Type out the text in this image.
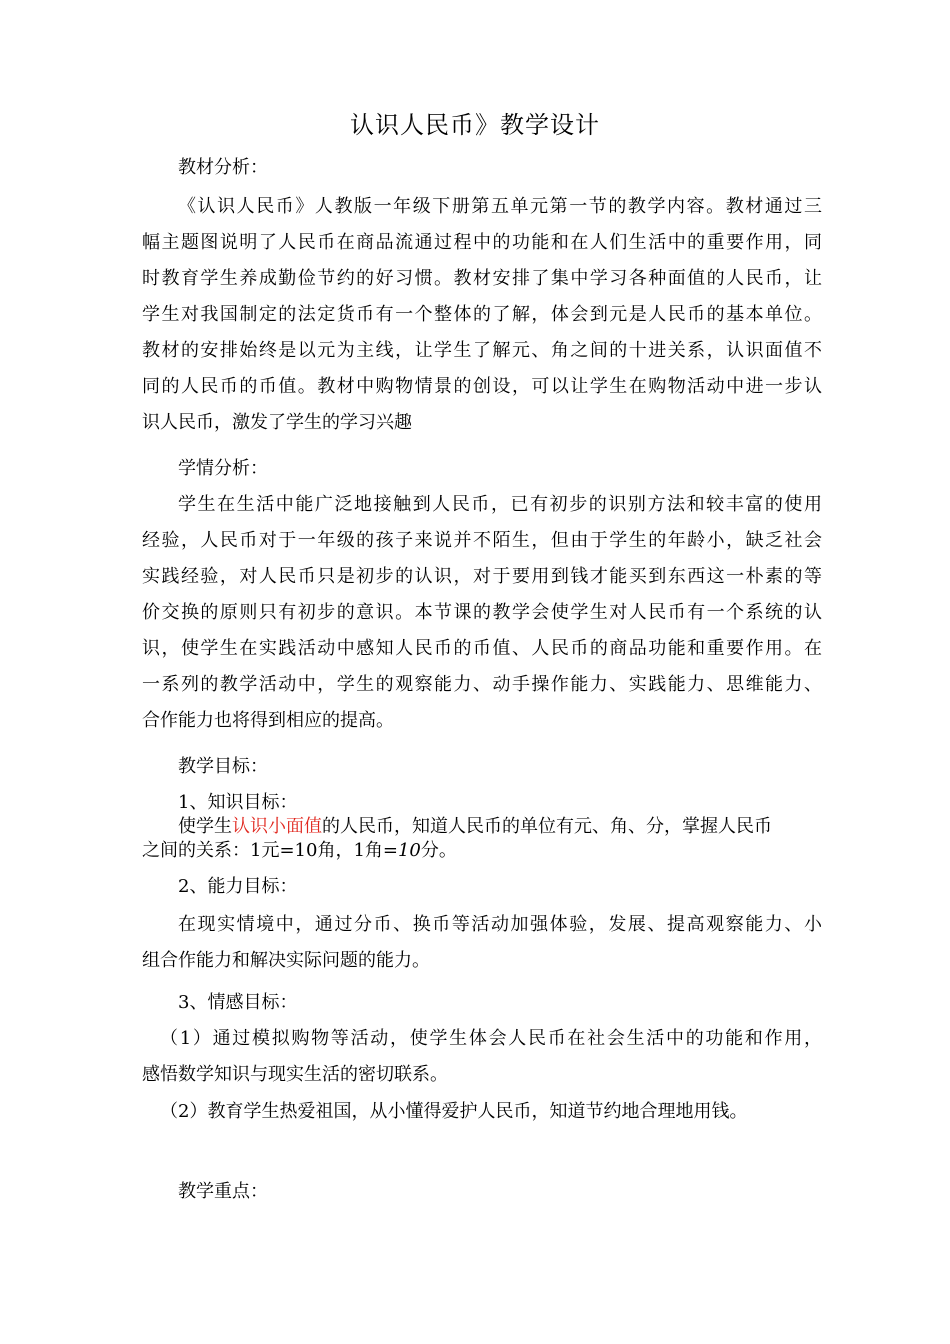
认识人民币》教学设计
教材分析：
《认识人民币》人教版一年级下册第五单元第一节的教学内容。教材通过三
幅主题图说明了人民币在商品流通过程中的功能和在人们生活中的重要作用，同
时教育学生养成勤俭节约的好习惯。教材安排了集中学习各种面值的人民币，让
学生对我国制定的法定货币有一个整体的了解，体会到元是人民币的基本单位。
教材的安排始终是以元为主线，让学生了解元、角之间的十进关系，认识面值不
同的人民币的币值。教材中购物情景的创设，可以让学生在购物活动中进一步认
识人民币，激发了学生的学习兴趣
学情分析：
学生在生活中能广泛地接触到人民币，已有初步的识别方法和较丰富的使用
经验，人民币对于一年级的孩子来说并不陌生，但由于学生的年龄小，缺乏社会
实践经验，对人民币只是初步的认识，对于要用到钱才能买到东西这一朴素的等
价交换的原则只有初步的意识。本节课的教学会使学生对人民币有一个系统的认
识，使学生在实践活动中感知人民币的币值、人民币的商品功能和重要作用。在
一系列的教学活动中，学生的观察能力、动手操作能力、实践能力、思维能力、
合作能力也将得到相应的提高。
教学目标：
1、知识目标：
使学生认识小面值的人民币，知道人民币的单位有元、角、分，掌握人民币
之间的关系：1元=10角，1角=10分。
2、能力目标：
在现实情境中，通过分币、换币等活动加强体验，发展、提高观察能力、小
组合作能力和解决实际问题的能力。
3、情感目标：
（1）通过模拟购物等活动，使学生体会人民币在社会生活中的功能和作用，
感悟数学知识与现实生活的密切联系。
（2）教育学生热爱祖国，从小懂得爱护人民币，知道节约地合理地用钱。
教学重点：
